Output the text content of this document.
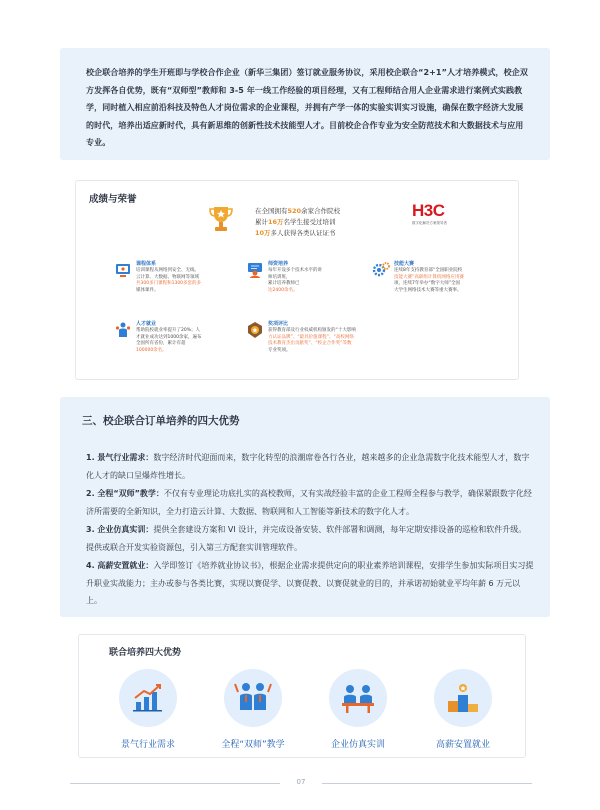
校企联合培养的学生开班即与学校合作企业（新华三集团）签订就业服务协议，采用校企联合“2+1”人才培养模式，校企双方发挥各自优势，既有“双师型”教师和 3-5 年一线工作经验的项目经理，又有工程师结合用人企业需求进行案例式实践教学，同时植入相应前沿科技及特色人才岗位需求的企业课程，并拥有产学一体的实验实训实习设施，确保在数字经济大发展的时代，培养出适应新时代，具有新思维的创新性技术技能型人才。目前校企合作专业为安全防范技术和大数据技术与应用专业。

成绩与荣誉
在全国拥有520余家合作院校
累计16万名学生接受过培训
10万多人获得各类认证证书
H3C
数字化解决方案领导者
课程体系
培训课程从网络到安全、无线、
云计算、大数据、物联网等领域
共300多门课程和1300多套的多
媒体课件。
师资培养
每年开设多个技术水平的讲
师培训班，
累计培养教师已
达2400余名。
技能大赛
连续8年支持教育部“全国职业院校
技能大赛”高职组计算机网络应用赛
项，连续7年举办“数字大师”全国
大学生网络技术大赛等重大赛事。
人才就业
帮助院校就业率提升了20%；人
才就业成功达到1000余家，遍布
全国所有省份，累计有超
100000余名。
奖项评比
获得教育部及行业权威机构颁发的“十大影响
力认证品牌”、“最具价值课程”、“高校网络
技术教育杰出贡献奖”、“校企合作奖”等数
专业奖项。
三、校企联合订单培养的四大优势
1. 景气行业需求：数字经济时代迎面而来，数字化转型的浪潮席卷各行各业，越来越多的企业急需数字化技术能型人才，数字化人才的缺口呈爆炸性增长。
2. 全程“双师”教学：不仅有专业理论功底扎实的高校教师，又有实战经验丰富的企业工程师全程参与教学，确保紧跟数字化经济所需要的全新知识，全力打造云计算、大数据、物联网和人工智能等新技术的数字化人才。
3. 企业仿真实训：提供全套建设方案和 VI 设计，并完成设备安装、软件部署和调测，每年定期安排设备的巡检和软件升级。提供或联合开发实验资源包，引入第三方配套实训管理软件。
4. 高薪安置就业：入学即签订《培养就业协议书》，根据企业需求提供定向的职业素养培训课程，安排学生参加实际项目实习提升职业实战能力；主办或参与各类比赛，实现以赛促学、以赛促教、以赛促就业的目的，并承诺初始就业平均年薪 6 万元以上。
联合培养四大优势
景气行业需求	全程“双师”教学	企业仿真实训	高薪安置就业
07
